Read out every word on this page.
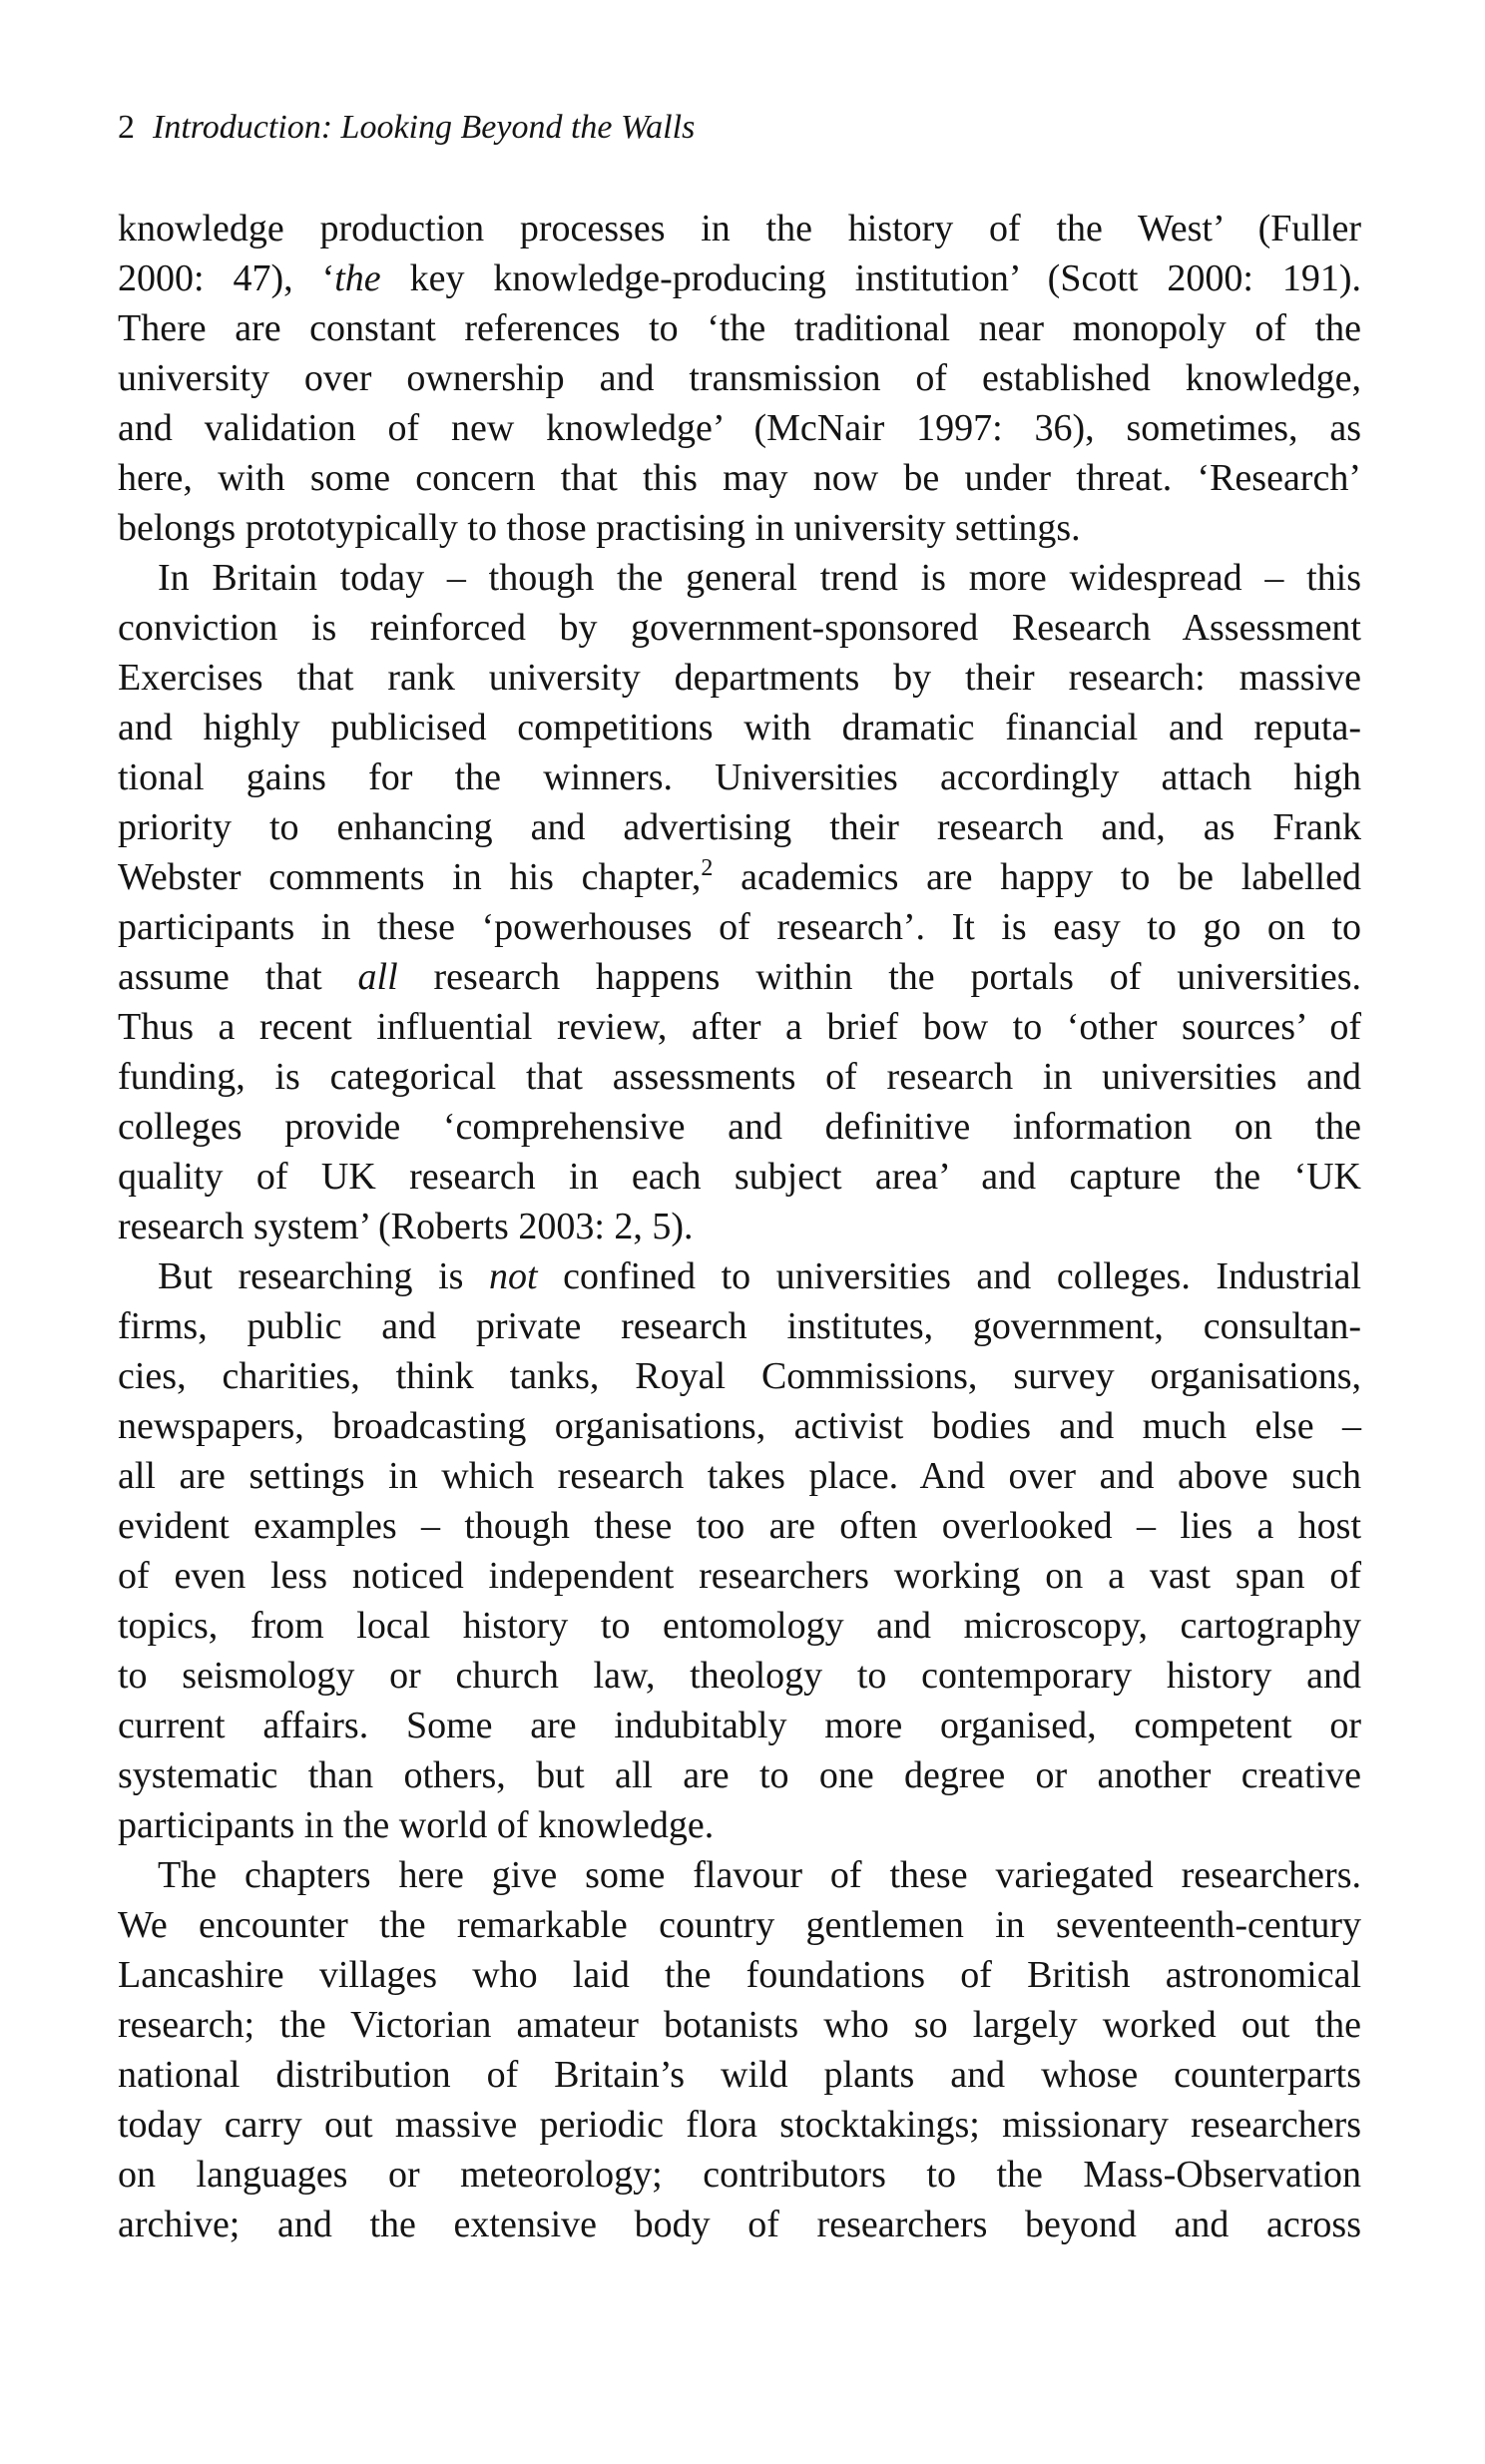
2 Introduction: Looking Beyond the Walls
knowledge production processes in the history of the West’ (Fuller
2000: 47), ‘the key knowledge-producing institution’ (Scott 2000: 191).
There are constant references to ‘the traditional near monopoly of the
university over ownership and transmission of established knowledge,
and validation of new knowledge’ (McNair 1997: 36), sometimes, as
here, with some concern that this may now be under threat. ‘Research’
belongs prototypically to those practising in university settings.
In Britain today – though the general trend is more widespread – this
conviction is reinforced by government-sponsored Research Assessment
Exercises that rank university departments by their research: massive
and highly publicised competitions with dramatic financial and reputa-
tional gains for the winners. Universities accordingly attach high
priority to enhancing and advertising their research and, as Frank
Webster comments in his chapter,$^2$ academics are happy to be labelled
participants in these ‘powerhouses of research’. It is easy to go on to
assume that all research happens within the portals of universities.
Thus a recent influential review, after a brief bow to ‘other sources’ of
funding, is categorical that assessments of research in universities and
colleges provide ‘comprehensive and definitive information on the
quality of UK research in each subject area’ and capture the ‘UK
research system’ (Roberts 2003: 2, 5).
But researching is not confined to universities and colleges. Industrial
firms, public and private research institutes, government, consultan-
cies, charities, think tanks, Royal Commissions, survey organisations,
newspapers, broadcasting organisations, activist bodies and much else –
all are settings in which research takes place. And over and above such
evident examples – though these too are often overlooked – lies a host
of even less noticed independent researchers working on a vast span of
topics, from local history to entomology and microscopy, cartography
to seismology or church law, theology to contemporary history and
current affairs. Some are indubitably more organised, competent or
systematic than others, but all are to one degree or another creative
participants in the world of knowledge.
The chapters here give some flavour of these variegated researchers.
We encounter the remarkable country gentlemen in seventeenth-century
Lancashire villages who laid the foundations of British astronomical
research; the Victorian amateur botanists who so largely worked out the
national distribution of Britain’s wild plants and whose counterparts
today carry out massive periodic flora stocktakings; missionary researchers
on languages or meteorology; contributors to the Mass-Observation
archive; and the extensive body of researchers beyond and across
